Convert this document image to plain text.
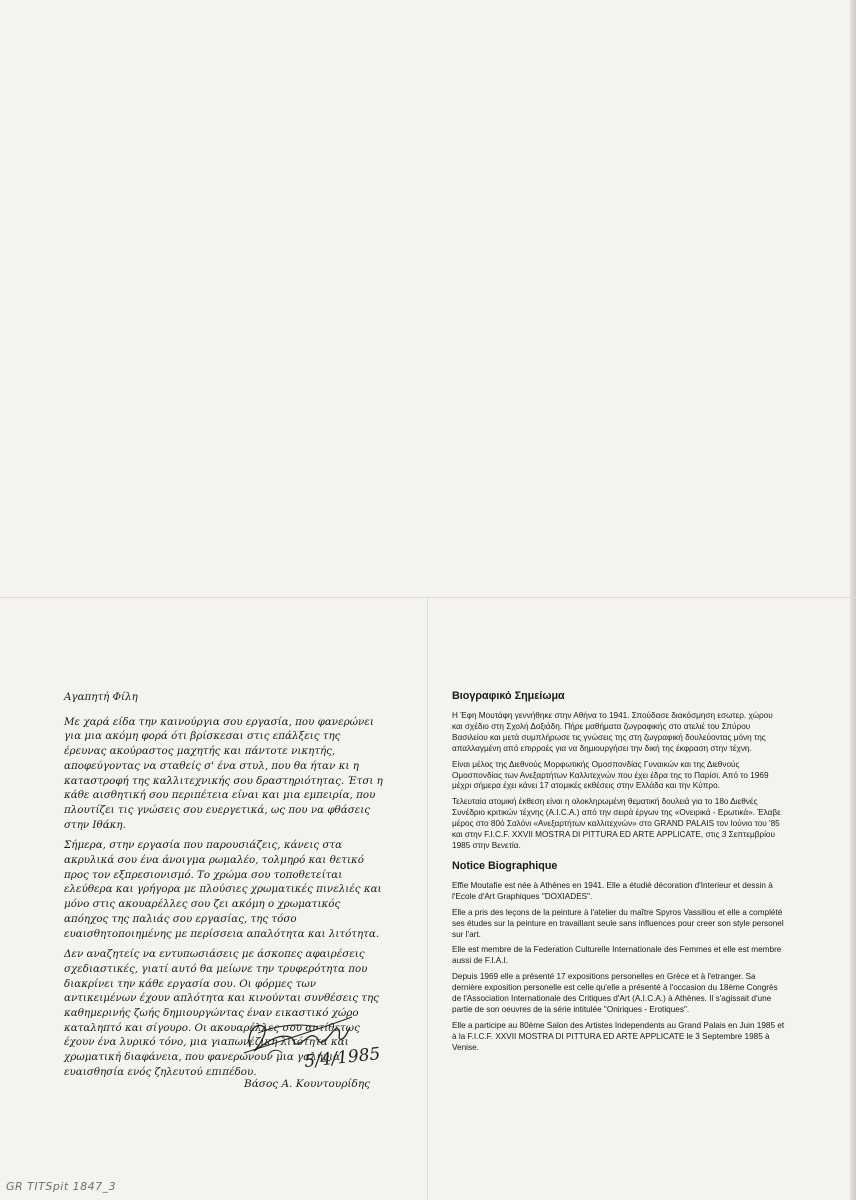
Αγαπητή Φίλη

Με χαρά είδα την καινούργια σου εργασία, που φανερώνει για μια ακόμη φορά ότι βρίσκεσαι στις επάλξεις της έρευνας ακούραστος μαχητής και πάντοτε νικητής, αποφεύγοντας να σταθείς σ' ένα στυλ, που θα ήταν κι η καταστροφή της καλλιτεχνικής σου δραστηριότητας. Έτσι η κάθε αισθητική σου περιπέτεια είναι και μια εμπειρία, που πλουτίζει τις γνώσεις σου ευεργετικά, ως που να φθάσεις στην Ιθάκη.

Σήμερα, στην εργασία που παρουσιάζεις, κάνεις στα ακρυλικά σου ένα άνοιγμα ρωμαλέο, τολμηρό και θετικό προς τον εξπρεσιονισμό. Το χρώμα σου τοποθετείται ελεύθερα και γρήγορα με πλούσιες χρωματικές πινελιές και μόνο στις ακουαρέλλες σου ζει ακόμη ο χρωματικός απόηχος της παλιάς σου εργασίας, της τόσο ευαισθητοποιημένης με περίσσεια απαλότητα και λιτότητα.

Δεν αναζητείς να εντυπωσιάσεις με άσκοπες αφαιρέσεις σχεδιαστικές, γιατί αυτό θα μείωνε την τρυφερότητα που διακρίνει την κάθε εργασία σου. Οι φόρμες των αντικειμένων έχουν απλότητα και κινούνται συνθέσεις της καθημερινής ζωής δημιουργώντας έναν εικαστικό χώρο καταληπτό και σίγουρο. Οι ακουαρέλλες σου αντίθετως έχουν ένα λυρικό τόνο, μια γιαπωνέζικη λιτότητα και χρωματική διαφάνεια, που φανερώνουν μια γαλήνια ευαισθησία ενός ζηλευτού επιπέδου.	5/4/1985
Βάσος Α. Κουντουρίδης
Βιογραφικό Σημείωμα

Η Έφη Μουτάφη γεννήθηκε στην Αθήνα το 1941. Σπούδασε διακόσμηση εσωτερ. χώρου και σχέδιο στη Σχολή Δοξιάδη. Πήρε μαθήματα ζωγραφικής στο ατελιέ του Σπύρου Βασιλείου και μετά συμπλήρωσε τις γνώσεις της στη ζωγραφική δουλεύοντας μόνη της απαλλαγμένη από επιρροές για να δημιουργήσει την δική της έκφραση στην τέχνη.

Είναι μέλος της Διεθνούς Μορφωτικής Ομοσπονδίας Γυναικών και της Διεθνούς Ομοσπονδίας των Ανεξαρτήτων Καλλιτεχνών που έχει έδρα της το Παρίσι. Από το 1969 μέχρι σήμερα έχει κάνει 17 ατομικές εκθέσεις στην Ελλάδα και την Κύπρο.

Τελευταία ατομική έκθεση είναι η ολοκληρωμένη θεματική δουλειά για το 18ο Διεθνές Συνέδριο κριτικών τέχνης (A.I.C.A.) από την σειρά έργων της «Ονειρικά - Ερωτικά». Έλαβε μέρος στο 80ό Σαλόνι «Ανεξαρτήτων καλλιτεχνών» στο GRAND PALAIS τον Ιούνιο του '85 και στην F.I.C.F. XXVII MOSTRA DI PITTURA ED ARTE APPLICATE, στις 3 Σεπτεμβρίου 1985 στην Βενετία.

Notice Biographique

Effie Moutafie est née à Athènes en 1941. Elle a étudié décoration d'Interieur et dessin à l'Ecole d'Art Graphiques "DOXIADES".

Elle a pris des leçons de la peinture à l'atelier du maître Spyros Vassiliou et elle a complété ses études sur la peinture en travaillant seule sans influences pour creer son style personel sur l'art.

Elle est membre de la Federation Culturelle Internationale des Femmes et elle est membre aussi de F.I.A.I.

Depuis 1969 elle a présenté 17 expositions personelles en Grèce et à l'etranger. Sa dernière exposition personelle est celle qu'elle a présenté à l'occasion du 18ème Congrès de l'Association Internationale des Critiques d'Art (A.I.C.A.) à Athènes. Il s'agissait d'une partie de son oeuvres de la série intitulée "Oniriques - Erotiques".

Elle a participe au 80ème Salon des Artistes Independents au Grand Palais en Juin 1985 et à la F.I.C.F. XXVII MOSTRA DI PITTURA ED ARTE APPLICATE le 3 Septembre 1985 à Venise.

GR TITSpit 1847_3
